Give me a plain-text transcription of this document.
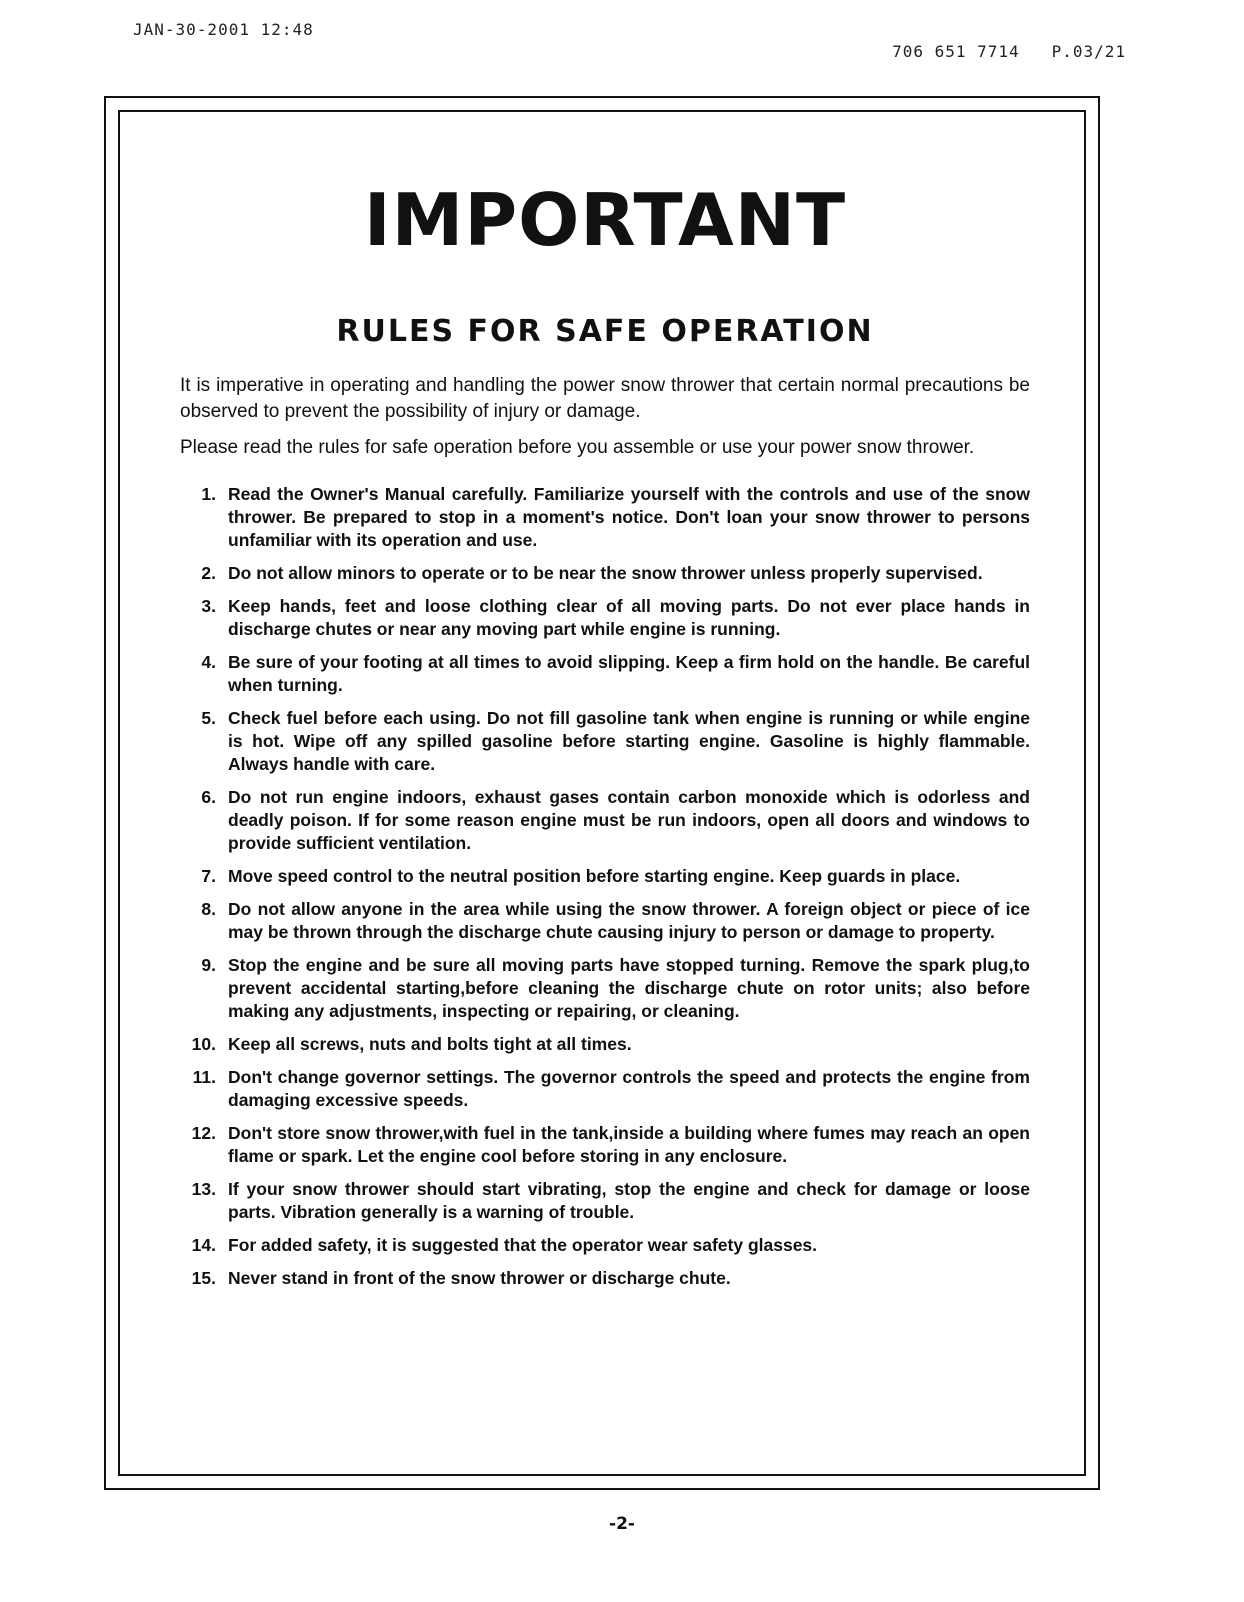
JAN-30-2001 12:48
706 651 7714 P.03/21
IMPORTANT
RULES FOR SAFE OPERATION

It is imperative in operating and handling the power snow thrower that certain normal precautions be observed to prevent the possibility of injury or damage.

Please read the rules for safe operation before you assemble or use your power snow thrower.

1. Read the Owner's Manual carefully. Familiarize yourself with the controls and use of the snow thrower. Be prepared to stop in a moment's notice. Don't loan your snow thrower to persons unfamiliar with its operation and use.
2. Do not allow minors to operate or to be near the snow thrower unless properly supervised.
3. Keep hands, feet and loose clothing clear of all moving parts. Do not ever place hands in discharge chutes or near any moving part while engine is running.
4. Be sure of your footing at all times to avoid slipping. Keep a firm hold on the handle. Be careful when turning.
5. Check fuel before each using. Do not fill gasoline tank when engine is running or while engine is hot. Wipe off any spilled gasoline before starting engine. Gasoline is highly flammable. Always handle with care.
6. Do not run engine indoors, exhaust gases contain carbon monoxide which is odorless and deadly poison. If for some reason engine must be run indoors, open all doors and windows to provide sufficient ventilation.
7. Move speed control to the neutral position before starting engine. Keep guards in place.
8. Do not allow anyone in the area while using the snow thrower. A foreign object or piece of ice may be thrown through the discharge chute causing injury to person or damage to property.
9. Stop the engine and be sure all moving parts have stopped turning. Remove the spark plug,to prevent accidental starting,before cleaning the discharge chute on rotor units; also before making any adjustments, inspecting or repairing, or cleaning.
10. Keep all screws, nuts and bolts tight at all times.
11. Don't change governor settings. The governor controls the speed and protects the engine from damaging excessive speeds.
12. Don't store snow thrower,with fuel in the tank,inside a building where fumes may reach an open flame or spark. Let the engine cool before storing in any enclosure.
13. If your snow thrower should start vibrating, stop the engine and check for damage or loose parts. Vibration generally is a warning of trouble.
14. For added safety, it is suggested that the operator wear safety glasses.
15. Never stand in front of the snow thrower or discharge chute.
-2-
